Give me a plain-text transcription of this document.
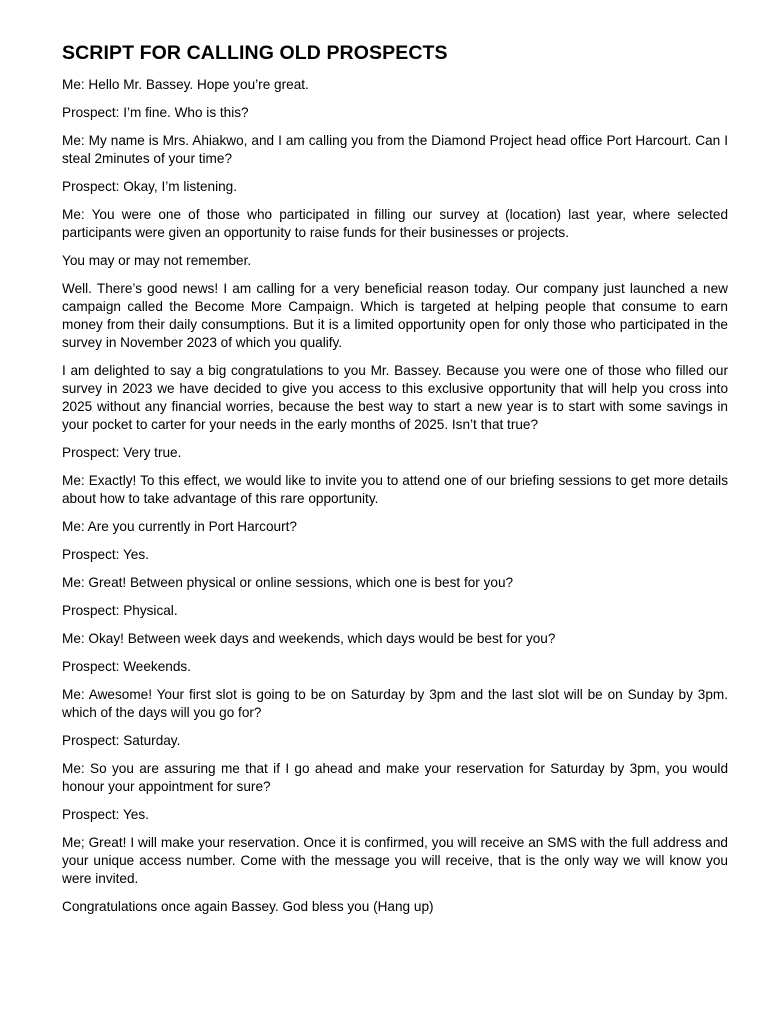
SCRIPT FOR CALLING OLD PROSPECTS

Me: Hello Mr. Bassey. Hope you’re great.

Prospect: I’m fine. Who is this?

Me: My name is Mrs. Ahiakwo, and I am calling you from the Diamond Project head office Port Harcourt. Can I steal 2minutes of your time?

Prospect: Okay, I’m listening.

Me: You were one of those who participated in filling our survey at (location) last year, where selected participants were given an opportunity to raise funds for their businesses or projects.

You may or may not remember.

Well. There’s good news! I am calling for a very beneficial reason today. Our company just launched a new campaign called the Become More Campaign. Which is targeted at helping people that consume to earn money from their daily consumptions. But it is a limited opportunity open for only those who participated in the survey in November 2023 of which you qualify.

I am delighted to say a big congratulations to you Mr. Bassey. Because you were one of those who filled our survey in 2023 we have decided to give you access to this exclusive opportunity that will help you cross into 2025 without any financial worries, because the best way to start a new year is to start with some savings in your pocket to carter for your needs in the early months of 2025. Isn’t that true?

Prospect: Very true.

Me: Exactly! To this effect, we would like to invite you to attend one of our briefing sessions to get more details about how to take advantage of this rare opportunity.

Me: Are you currently in Port Harcourt?

Prospect: Yes.

Me: Great! Between physical or online sessions, which one is best for you?

Prospect: Physical.

Me: Okay! Between week days and weekends, which days would be best for you?

Prospect: Weekends.

Me: Awesome! Your first slot is going to be on Saturday by 3pm and the last slot will be on Sunday by 3pm. which of the days will you go for?

Prospect: Saturday.

Me: So you are assuring me that if I go ahead and make your reservation for Saturday by 3pm, you would honour your appointment for sure?

Prospect: Yes.

Me; Great! I will make your reservation. Once it is confirmed, you will receive an SMS with the full address and your unique access number. Come with the message you will receive, that is the only way we will know you were invited.

Congratulations once again Bassey. God bless you (Hang up)
